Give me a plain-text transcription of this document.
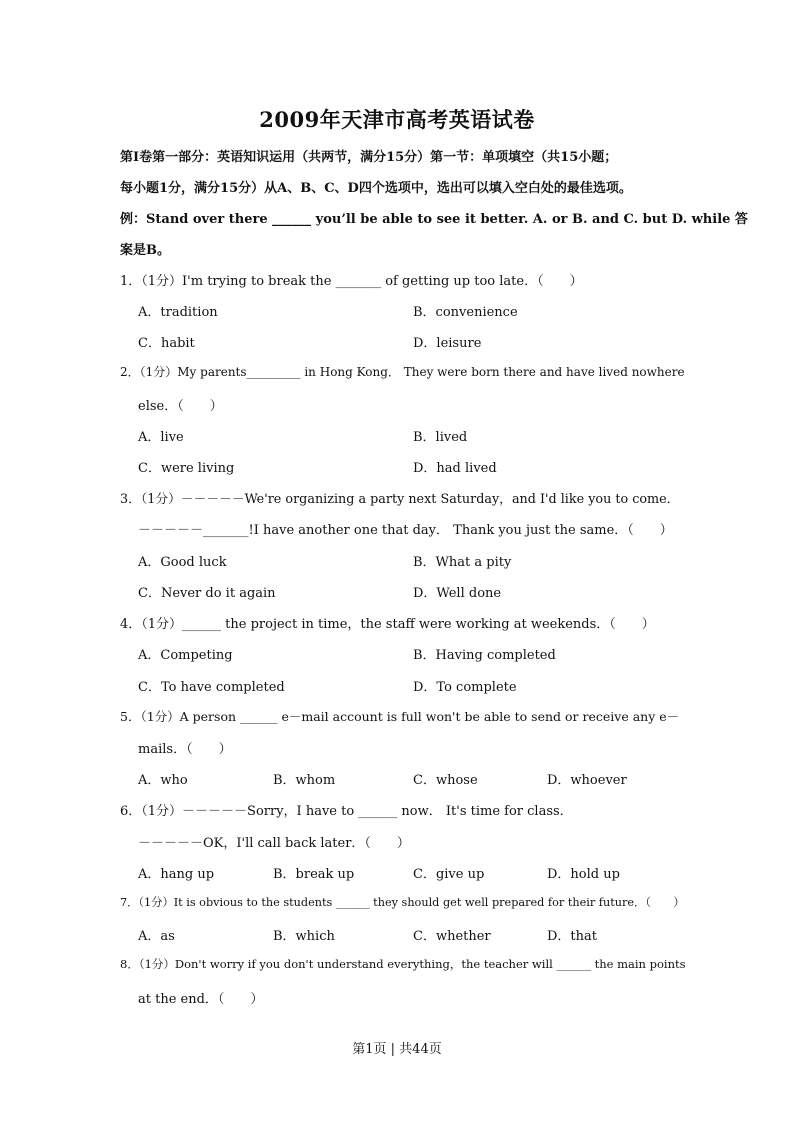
2009年天津市高考英语试卷

第Ⅰ卷第一部分：英语知识运用（共两节，满分15分）第一节：单项填空（共15小题；

每小题1分，满分15分）从A、B、C、D四个选项中，选出可以填入空白处的最佳选项。

例：Stand over there ______ you’ll be able to see it better. A. or B. and C. but D. while 答

案是B。

1．（1分）I'm trying to break the _______ of getting up too late．（　　）
A．tradition	B．convenience
C．habit	D．leisure
2．（1分）My parents_________ in Hong Kong． They were born there and have lived nowhere
else．（　　）
A．live	B．lived
C．were living	D．had lived
3．（1分）－－－－－We're organizing a party next Saturday，and I'd like you to come．
－－－－－_______!I have another one that day． Thank you just the same．（　　）
A．Good luck	B．What a pity
C．Never do it again	D．Well done
4．（1分）______ the project in time，the staff were working at weekends．（　　）
A．Competing	B．Having completed
C．To have completed	D．To complete
5．（1分）A person ______ e－mail account is full won't be able to send or receive any e－
mails．（　　）
A．who	B．whom	C．whose	D．whoever
6．（1分）－－－－－Sorry，I have to ______ now． It's time for class．
－－－－－OK，I'll call back later．（　　）
A．hang up	B．break up	C．give up	D．hold up
7．（1分）It is obvious to the students ______ they should get well prepared for their future．（　　）
A．as	B．which	C．whether	D．that
8．（1分）Don't worry if you don't understand everything，the teacher will ______ the main points
at the end．（　　）
第1页 | 共44页
